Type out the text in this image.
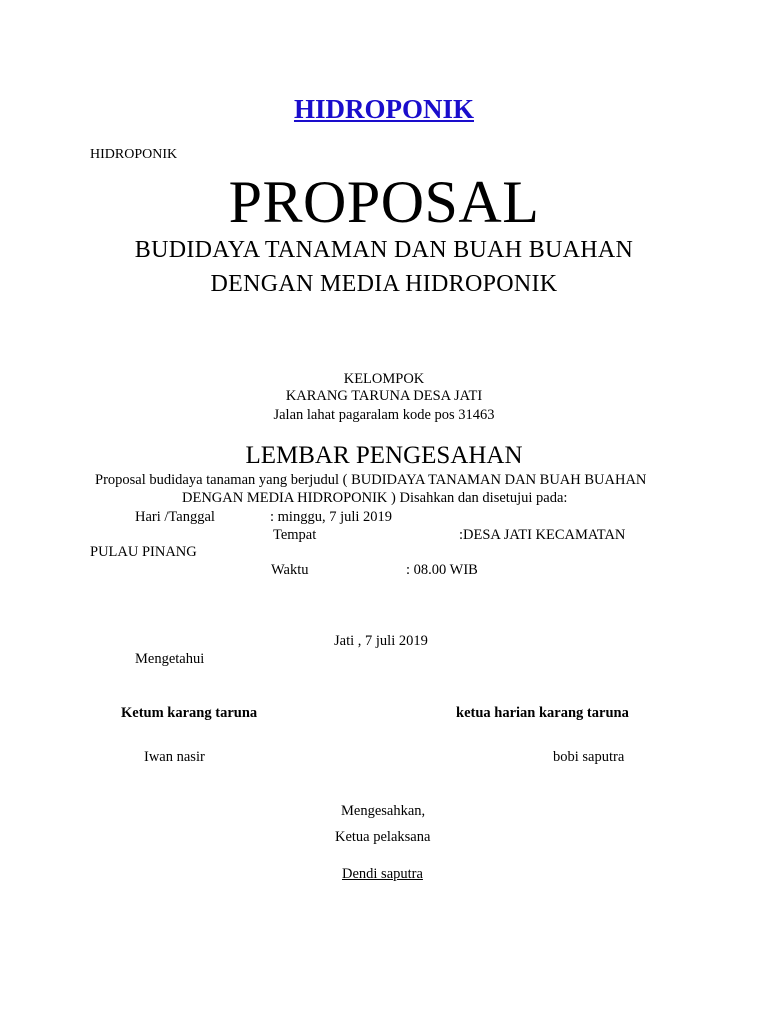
HIDROPONIK
HIDROPONIK
PROPOSAL
BUDIDAYA TANAMAN DAN BUAH BUAHAN
DENGAN MEDIA HIDROPONIK
KELOMPOK
KARANG TARUNA DESA JATI
Jalan lahat pagaralam kode pos 31463
LEMBAR PENGESAHAN
Proposal budidaya tanaman yang berjudul ( BUDIDAYA TANAMAN DAN BUAH BUAHAN
DENGAN MEDIA HIDROPONIK ) Disahkan dan disetujui pada:
Hari /Tanggal	: minggu, 7 juli 2019
Tempat	:DESA JATI KECAMATAN
PULAU PINANG
Waktu	: 08.00 WIB
Jati , 7 juli 2019
Mengetahui
Ketum karang taruna	ketua harian karang taruna
Iwan nasir	bobi saputra
Mengesahkan,
Ketua pelaksana
Dendi saputra
